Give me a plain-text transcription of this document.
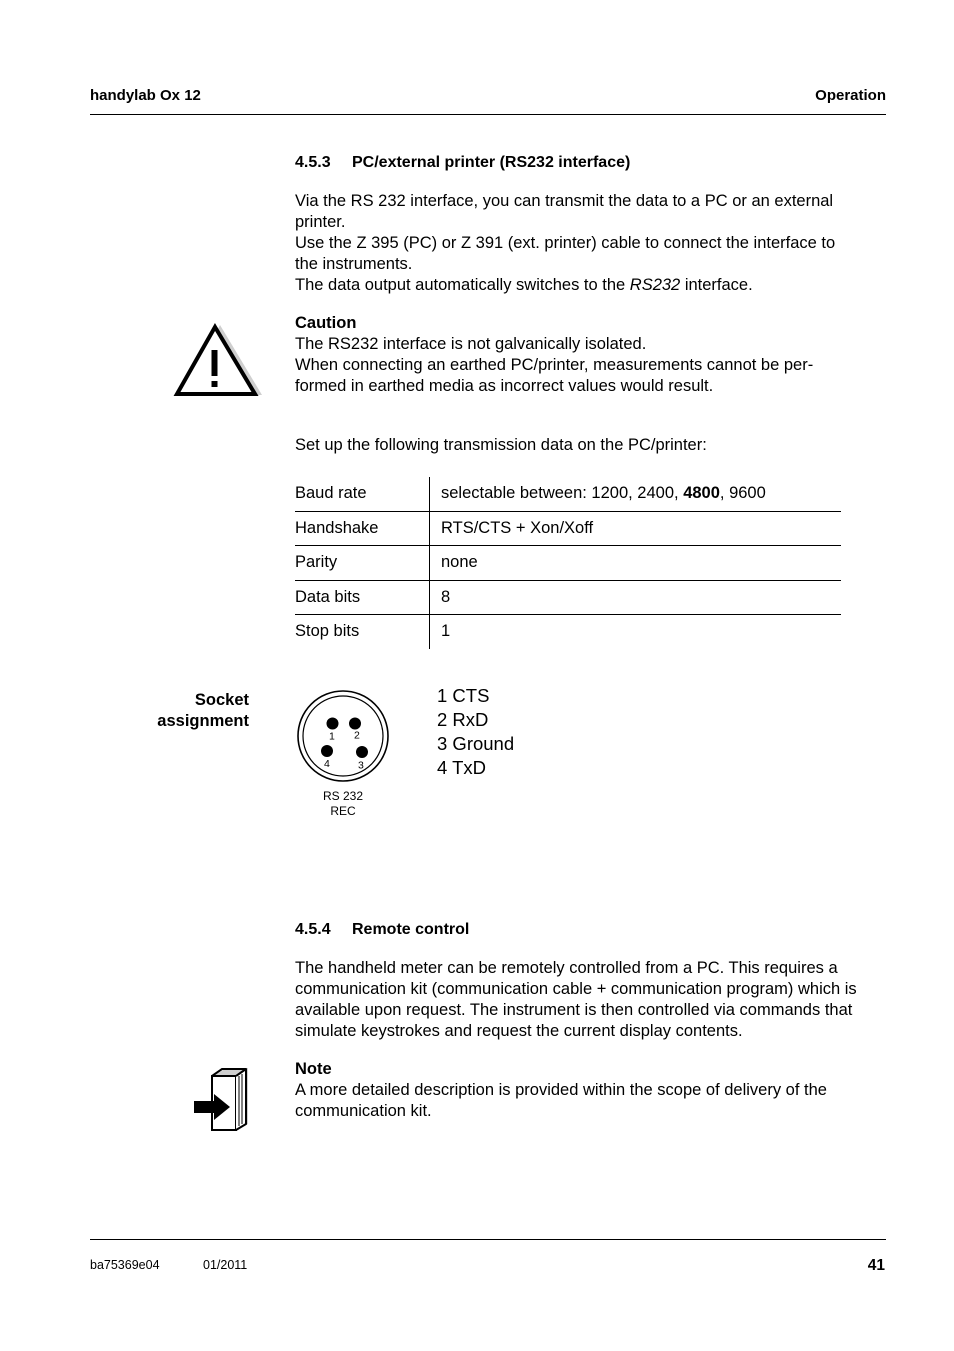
handylab Ox 12	Operation
4.5.3 PC/external printer (RS232 interface)
Via the RS 232 interface, you can transmit the data to a PC or an external
printer.
Use the Z 395 (PC) or Z 391 (ext. printer) cable to connect the interface to
the instruments.
The data output automatically switches to the RS232 interface.
Caution
The RS232 interface is not galvanically isolated.
When connecting an earthed PC/printer, measurements cannot be per-
formed in earthed media as incorrect values would result.
Set up the following transmission data on the PC/printer:
Baud rate	selectable between: 1200, 2400, 4800, 9600
Handshake	RTS/CTS + Xon/Xoff
Parity	none
Data bits	8
Stop bits	1
Socket
assignment
1 2
4	3
RS 232
REC
1 CTS
2 RxD
3 Ground
4 TxD
4.5.4 Remote control
The handheld meter can be remotely controlled from a PC. This requires a
communication kit (communication cable + communication program) which is
available upon request. The instrument is then controlled via commands that
simulate keystrokes and request the current display contents.
Note
A more detailed description is provided within the scope of delivery of the
communication kit.
ba75369e04	01/2011	41
